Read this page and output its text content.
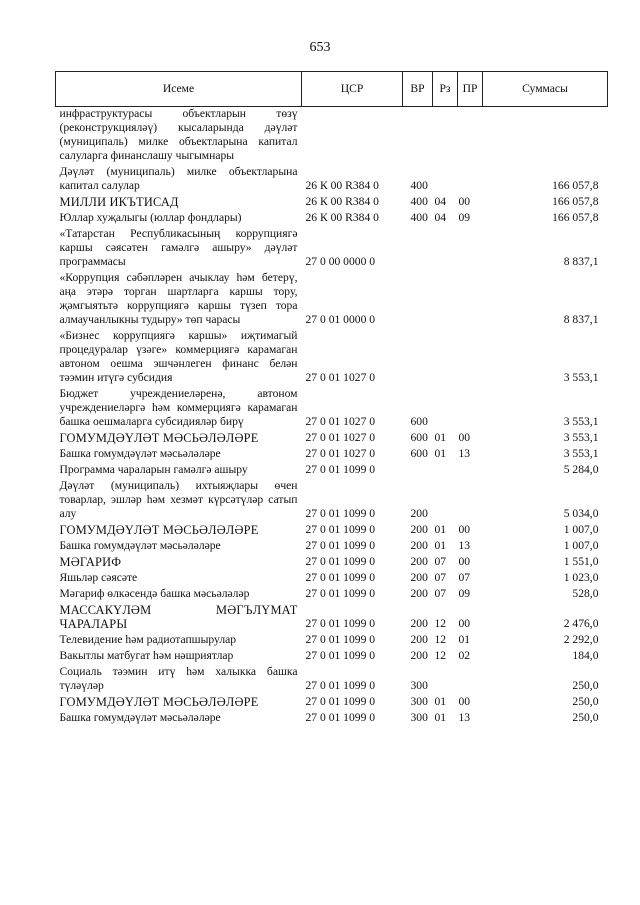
653
Исеме	ЦСР	ВР	Рз	ПР	Суммасы
инфраструктурасы объектларын төзү (реконструкцияләү) кысаларында дәүләт (муниципаль) милке объектларына капитал салуларга финанслашу чыгымнары					
Дәүләт (муниципаль) милке объектларына капитал салулар	26 К 00 R384 0	400			166 057,8
МИЛЛИ ИКЪТИСАД	26 К 00 R384 0	400	04	00	166 057,8
Юллар хуҗалыгы (юллар фондлары)	26 К 00 R384 0	400	04	09	166 057,8
«Татарстан Республикасының коррупциягә каршы сәясәтен гамәлгә ашыру» дәүләт программасы	27 0 00 0000 0				8 837,1
«Коррупция сәбәпләрен ачыклау һәм бетерү, аңа этәрә торган шартларга каршы тору, җәмгыятьтә коррупциягә каршы түзеп тора алмаучанлыкны тудыру» төп чарасы	27 0 01 0000 0				8 837,1
«Бизнес коррупциягә каршы» иҗтимагый процедуралар үзәге» коммерциягә карамаган автоном оешма эшчәнлеген финанс белән тәэмин итүгә субсидия	27 0 01 1027 0				3 553,1
Бюджет учреждениеләренә, автоном учреждениеләргә һәм коммерциягә карамаган башка оешмаларга субсидияләр бирү	27 0 01 1027 0	600			3 553,1
ГОМУМДӘҮЛӘТ МӘСЬӘЛӘЛӘРЕ	27 0 01 1027 0	600	01	00	3 553,1
Башка гомумдәүләт мәсьәләләре	27 0 01 1027 0	600	01	13	3 553,1
Программа чараларын гамәлгә ашыру	27 0 01 1099 0				5 284,0
Дәүләт (муниципаль) ихтыяҗлары өчен товарлар, эшләр һәм хезмәт күрсәтүләр сатып алу	27 0 01 1099 0	200			5 034,0
ГОМУМДӘҮЛӘТ МӘСЬӘЛӘЛӘРЕ	27 0 01 1099 0	200	01	00	1 007,0
Башка гомумдәүләт мәсьәләләре	27 0 01 1099 0	200	01	13	1 007,0
МӘГАРИФ	27 0 01 1099 0	200	07	00	1 551,0
Яшьләр сәясәте	27 0 01 1099 0	200	07	07	1 023,0
Мәгариф өлкәсендә башка мәсьәләләр	27 0 01 1099 0	200	07	09	528,0
МАССАКҮЛӘМ МӘГЪЛҮМАТ ЧАРАЛАРЫ	27 0 01 1099 0	200	12	00	2 476,0
Телевидение һәм радиотапшырулар	27 0 01 1099 0	200	12	01	2 292,0
Вакытлы матбугат һәм нәшриятлар	27 0 01 1099 0	200	12	02	184,0
Социаль тәэмин итү һәм халыкка башка түләүләр	27 0 01 1099 0	300			250,0
ГОМУМДӘҮЛӘТ МӘСЬӘЛӘЛӘРЕ	27 0 01 1099 0	300	01	00	250,0
Башка гомумдәүләт мәсьәләләре	27 0 01 1099 0	300	01	13	250,0
